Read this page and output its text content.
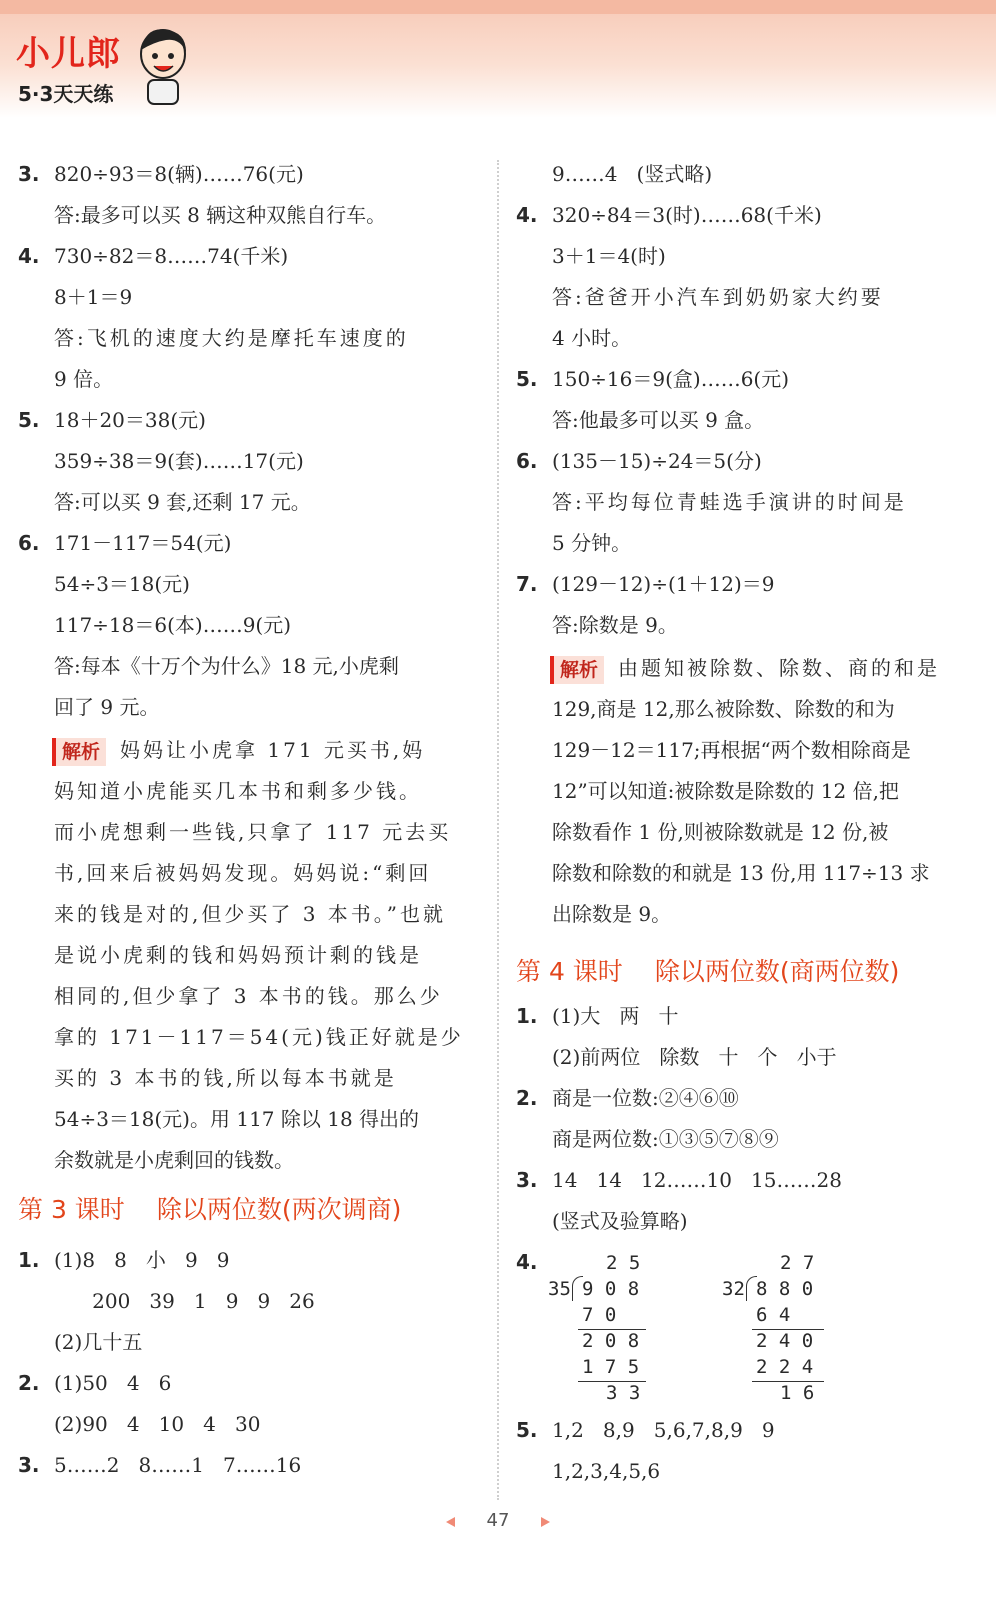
小儿郎
5·3天天练
3. 820÷93＝8(辆)……76(元)
答:最多可以买 8 辆这种双熊自行车。
4. 730÷82＝8……74(千米)
8＋1＝9
答:飞机的速度大约是摩托车速度的
9 倍。
5. 18＋20＝38(元)
359÷38＝9(套)……17(元)
答:可以买 9 套,还剩 17 元。
6. 171－117＝54(元)
54÷3＝18(元)
117÷18＝6(本)……9(元)
答:每本《十万个为什么》18 元,小虎剩
回了 9 元。
解析 妈妈让小虎拿 171 元买书,妈
妈知道小虎能买几本书和剩多少钱。
而小虎想剩一些钱,只拿了 117 元去买
书,回来后被妈妈发现。妈妈说:“剩回
来的钱是对的,但少买了 3 本书。”也就
是说小虎剩的钱和妈妈预计剩的钱是
相同的,但少拿了 3 本书的钱。那么少
拿的 171－117＝54(元)钱正好就是少
买的 3 本书的钱,所以每本书就是
54÷3＝18(元)。用 117 除以 18 得出的
余数就是小虎剩回的钱数。
第 3 课时 除以两位数(两次调商)
1. (1)8   8   小   9   9
200   39   1   9   9   26
(2)几十五
2. (1)50   4   6
(2)90   4   10   4   30
3. 5……2   8……1   7……16
9……4   (竖式略)
4. 320÷84＝3(时)……68(千米)
3＋1＝4(时)
答:爸爸开小汽车到奶奶家大约要
4 小时。
5. 150÷16＝9(盒)……6(元)
答:他最多可以买 9 盒。
6. (135－15)÷24＝5(分)
答:平均每位青蛙选手演讲的时间是
5 分钟。
7. (129－12)÷(1＋12)＝9
答:除数是 9。
解析 由题知被除数、除数、商的和是
129,商是 12,那么被除数、除数的和为
129－12＝117;再根据“两个数相除商是
12”可以知道:被除数是除数的 12 倍,把
除数看作 1 份,则被除数就是 12 份,被
除数和除数的和就是 13 份,用 117÷13 求
出除数是 9。
第 4 课时 除以两位数(商两位数)
1. (1)大   两   十
(2)前两位   除数   十   个   小于
2. 商是一位数:②④⑥⑩
商是两位数:①③⑤⑦⑧⑨
3. 14   14   12……10   15……28
(竖式及验算略)
4.
5. 1,2   8,9   5,6,7,8,9   9
1,2,3,4,5,6
2 5
35 9 0 8
7 0
2 0 8
1 7 5
3 3
2 7
32 8 8 0
6 4
2 4 0
2 2 4
1 6
47
